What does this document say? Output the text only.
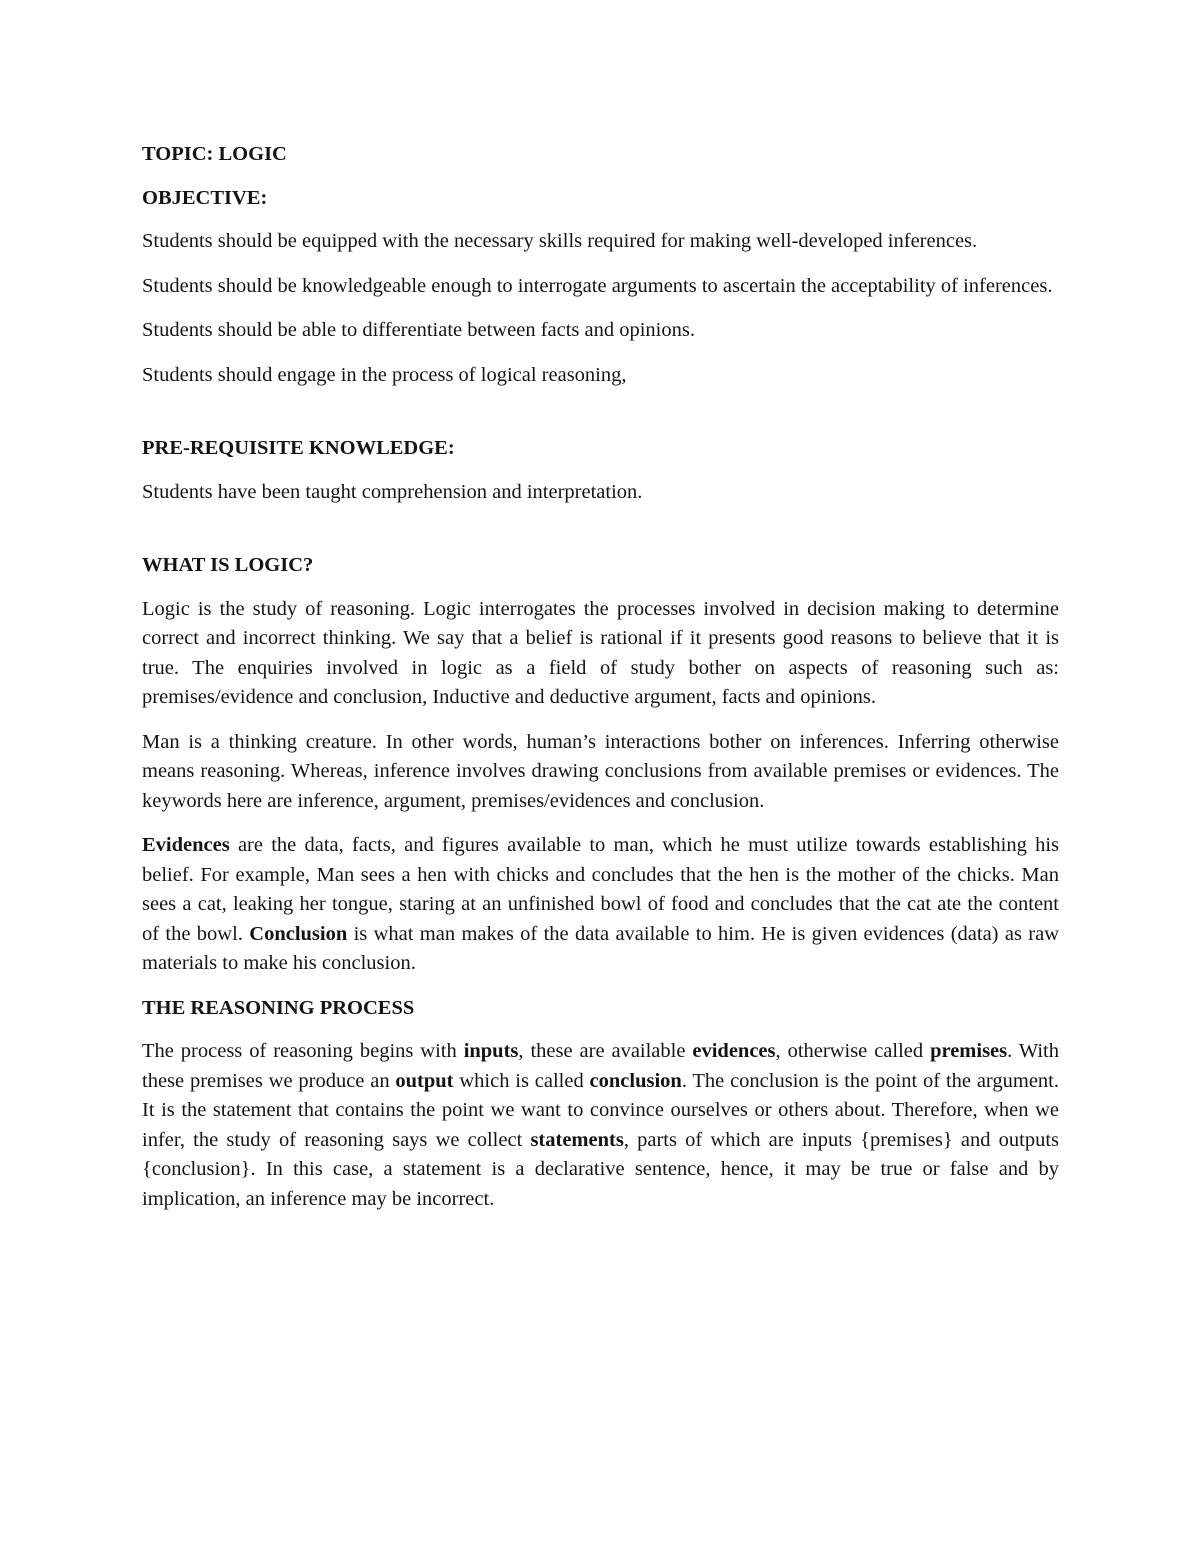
TOPIC: LOGIC

OBJECTIVE:

Students should be equipped with the necessary skills required for making well-developed inferences.

Students should be knowledgeable enough to interrogate arguments to ascertain the acceptability of inferences.

Students should be able to differentiate between facts and opinions.

Students should engage in the process of logical reasoning,

PRE-REQUISITE KNOWLEDGE:

Students have been taught comprehension and interpretation.

WHAT IS LOGIC?

Logic is the study of reasoning. Logic interrogates the processes involved in decision making to determine correct and incorrect thinking. We say that a belief is rational if it presents good reasons to believe that it is true. The enquiries involved in logic as a field of study bother on aspects of reasoning such as: premises/evidence and conclusion, Inductive and deductive argument, facts and opinions.

Man is a thinking creature. In other words, human’s interactions bother on inferences. Inferring otherwise means reasoning. Whereas, inference involves drawing conclusions from available premises or evidences. The keywords here are inference, argument, premises/evidences and conclusion.

Evidences are the data, facts, and figures available to man, which he must utilize towards establishing his belief. For example, Man sees a hen with chicks and concludes that the hen is the mother of the chicks. Man sees a cat, leaking her tongue, staring at an unfinished bowl of food and concludes that the cat ate the content of the bowl. Conclusion is what man makes of the data available to him. He is given evidences (data) as raw materials to make his conclusion.

THE REASONING PROCESS

The process of reasoning begins with inputs, these are available evidences, otherwise called premises. With these premises we produce an output which is called conclusion. The conclusion is the point of the argument. It is the statement that contains the point we want to convince ourselves or others about. Therefore, when we infer, the study of reasoning says we collect statements, parts of which are inputs {premises} and outputs {conclusion}. In this case, a statement is a declarative sentence, hence, it may be true or false and by implication, an inference may be incorrect.
